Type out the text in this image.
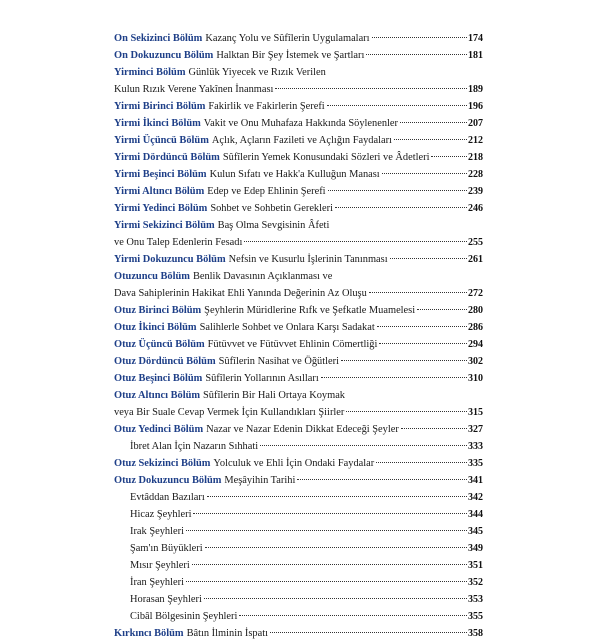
On Sekizinci Bölüm Kazanç Yolu ve Sûfîlerin Uygulamaları	174
On Dokuzuncu Bölüm Halktan Bir Şey İstemek ve Şartları	181
Yirminci Bölüm Günlük Yiyecek ve Rızık Verilen
Kulun Rızık Verene Yakînen İnanması	189
Yirmi Birinci Bölüm Fakirlik ve Fakirlerin Şerefi	196
Yirmi İkinci Bölüm Vakit ve Onu Muhafaza Hakkında Söylenenler	207
Yirmi Üçüncü Bölüm Açlık, Açların Fazileti ve Açlığın Faydaları	212
Yirmi Dördüncü Bölüm Sûfîlerin Yemek Konusundaki Sözleri ve Âdetleri	218
Yirmi Beşinci Bölüm Kulun Sıfatı ve Hakk'a Kulluğun Manası	228
Yirmi Altıncı Bölüm Edep ve Edep Ehlinin Şerefi	239
Yirmi Yedinci Bölüm Sohbet ve Sohbetin Gerekleri	246
Yirmi Sekizinci Bölüm Baş Olma Sevgisinin Âfeti
ve Onu Talep Edenlerin Fesadı	255
Yirmi Dokuzuncu Bölüm Nefsin ve Kusurlu İşlerinin Tanınması	261
Otuzuncu Bölüm Benlik Davasının Açıklanması ve
Dava Sahiplerinin Hakikat Ehli Yanında Değerinin Az Oluşu	272
Otuz Birinci Bölüm Şeyhlerin Müridlerine Rıfk ve Şefkatle Muamelesi	280
Otuz İkinci Bölüm Salihlerle Sohbet ve Onlara Karşı Sadakat	286
Otuz Üçüncü Bölüm Fütüvvet ve Fütüvvet Ehlinin Cömertliği	294
Otuz Dördüncü Bölüm Sûfîlerin Nasihat ve Öğütleri	302
Otuz Beşinci Bölüm Sûfîlerin Yollarının Asılları	310
Otuz Altıncı Bölüm Sûfîlerin Bir Hali Ortaya Koymak
veya Bir Suale Cevap Vermek İçin Kullandıkları Şiirler	315
Otuz Yedinci Bölüm Nazar ve Nazar Edenin Dikkat Edeceği Şeyler	327
İbret Alan İçin Nazarın Sıhhati	333
Otuz Sekizinci Bölüm Yolculuk ve Ehli İçin Ondaki Faydalar	335
Otuz Dokuzuncu Bölüm Meşâyihin Tarihi	341
Evtâddan Bazıları	342
Hicaz Şeyhleri	344
Irak Şeyhleri	345
Şam'ın Büyükleri	349
Mısır Şeyhleri	351
İran Şeyhleri	352
Horasan Şeyhleri	353
Cibâl Bölgesinin Şeyhleri	355
Kırkıncı Bölüm Bâtın İlminin İspatı	358
